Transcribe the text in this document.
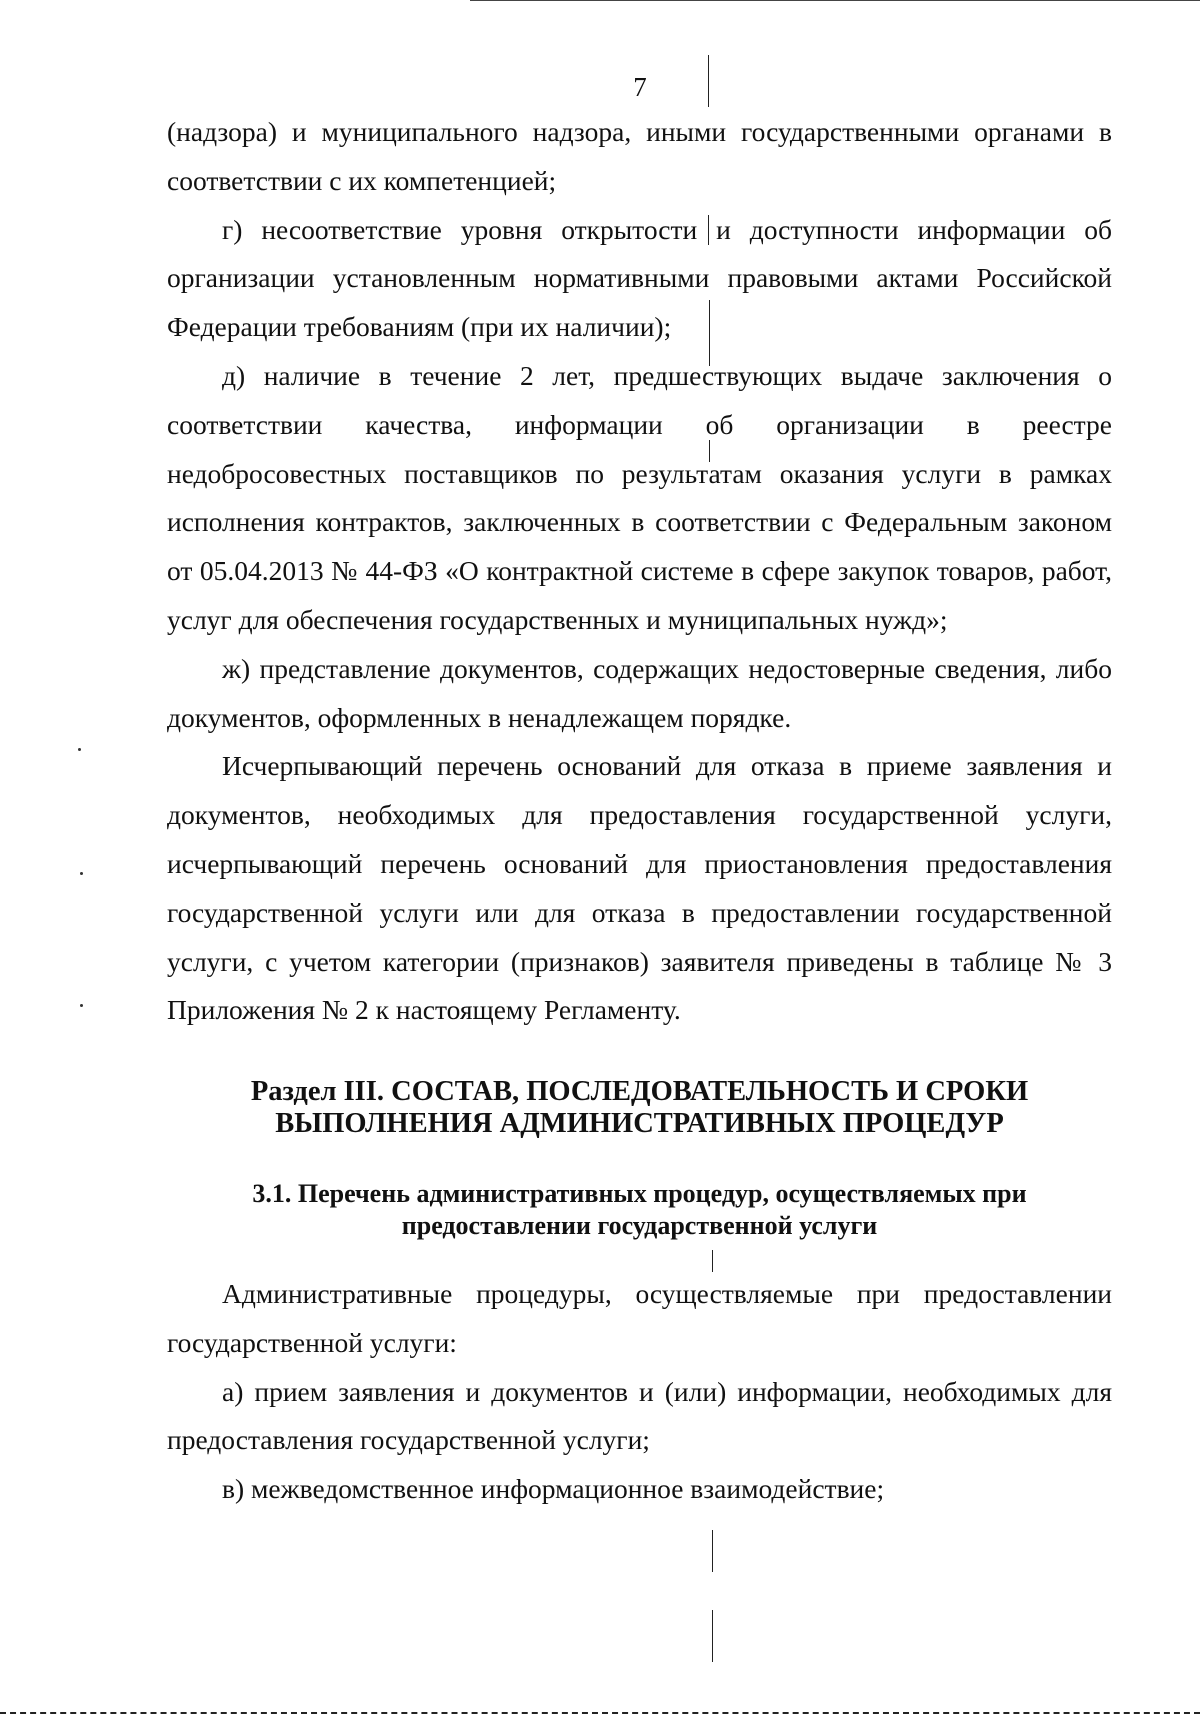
7

(надзора) и муниципального надзора, иными государственными органами в соответствии с их компетенцией;

г) несоответствие уровня открытости и доступности информации об организации установленным нормативными правовыми актами Российской Федерации требованиям (при их наличии);

д) наличие в течение 2 лет, предшествующих выдаче заключения о соответствии качества, информации об организации в реестре недобросовестных поставщиков по результатам оказания услуги в рамках исполнения контрактов, заключенных в соответствии с Федеральным законом от 05.04.2013 № 44-ФЗ «О контрактной системе в сфере закупок товаров, работ, услуг для обеспечения государственных и муниципальных нужд»;

ж) представление документов, содержащих недостоверные сведения, либо документов, оформленных в ненадлежащем порядке.

Исчерпывающий перечень оснований для отказа в приеме заявления и документов, необходимых для предоставления государственной услуги, исчерпывающий перечень оснований для приостановления предоставления государственной услуги или для отказа в предоставлении государственной услуги, с учетом категории (признаков) заявителя приведены в таблице № 3 Приложения № 2 к настоящему Регламенту.

Раздел III. СОСТАВ, ПОСЛЕДОВАТЕЛЬНОСТЬ И СРОКИ
ВЫПОЛНЕНИЯ АДМИНИСТРАТИВНЫХ ПРОЦЕДУР
3.1. Перечень административных процедур, осуществляемых при
предоставлении государственной услуги

Административные процедуры, осуществляемые при предоставлении государственной услуги:

а) прием заявления и документов и (или) информации, необходимых для предоставления государственной услуги;

в) межведомственное информационное взаимодействие;
